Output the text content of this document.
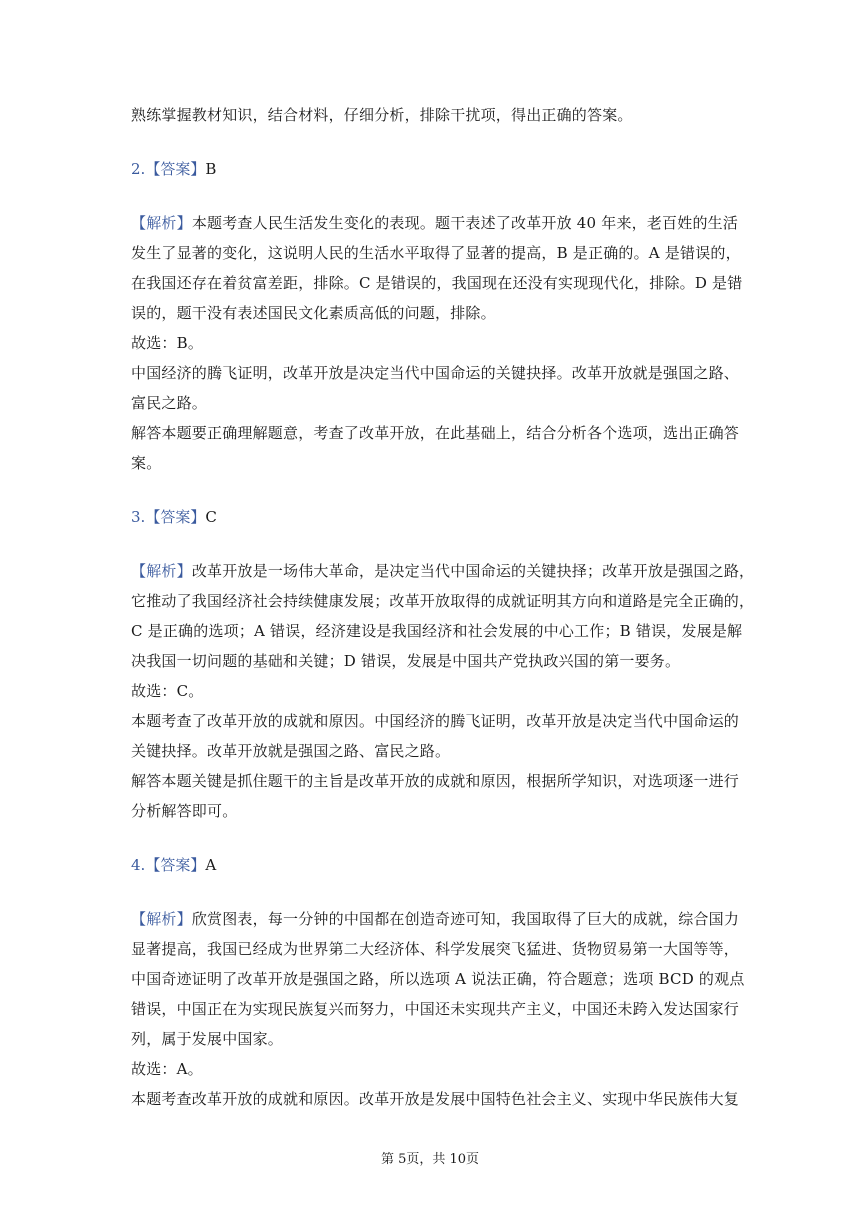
熟练掌握教材知识，结合材料，仔细分析，排除干扰项，得出正确的答案。
2.【答案】B
【解析】本题考查人民生活发生变化的表现。题干表述了改革开放 40 年来，老百姓的生活
发生了显著的变化，这说明人民的生活水平取得了显著的提高，B 是正确的。A 是错误的，
在我国还存在着贫富差距，排除。C 是错误的，我国现在还没有实现现代化，排除。D 是错
误的，题干没有表述国民文化素质高低的问题，排除。
故选：B。
中国经济的腾飞证明，改革开放是决定当代中国命运的关键抉择。改革开放就是强国之路、
富民之路。
解答本题要正确理解题意，考查了改革开放，在此基础上，结合分析各个选项，选出正确答
案。
3.【答案】C
【解析】改革开放是一场伟大革命，是决定当代中国命运的关键抉择；改革开放是强国之路，
它推动了我国经济社会持续健康发展；改革开放取得的成就证明其方向和道路是完全正确的，
C 是正确的选项；A 错误，经济建设是我国经济和社会发展的中心工作；B 错误，发展是解
决我国一切问题的基础和关键；D 错误，发展是中国共产党执政兴国的第一要务。
故选：C。
本题考查了改革开放的成就和原因。中国经济的腾飞证明，改革开放是决定当代中国命运的
关键抉择。改革开放就是强国之路、富民之路。
解答本题关键是抓住题干的主旨是改革开放的成就和原因，根据所学知识，对选项逐一进行
分析解答即可。
4.【答案】A
【解析】欣赏图表，每一分钟的中国都在创造奇迹可知，我国取得了巨大的成就，综合国力
显著提高，我国已经成为世界第二大经济体、科学发展突飞猛进、货物贸易第一大国等等，
中国奇迹证明了改革开放是强国之路，所以选项 A 说法正确，符合题意；选项 BCD 的观点
错误，中国正在为实现民族复兴而努力，中国还未实现共产主义，中国还未跨入发达国家行
列，属于发展中国家。
故选：A。
本题考查改革开放的成就和原因。改革开放是发展中国特色社会主义、实现中华民族伟大复
第 5页，共 10页
